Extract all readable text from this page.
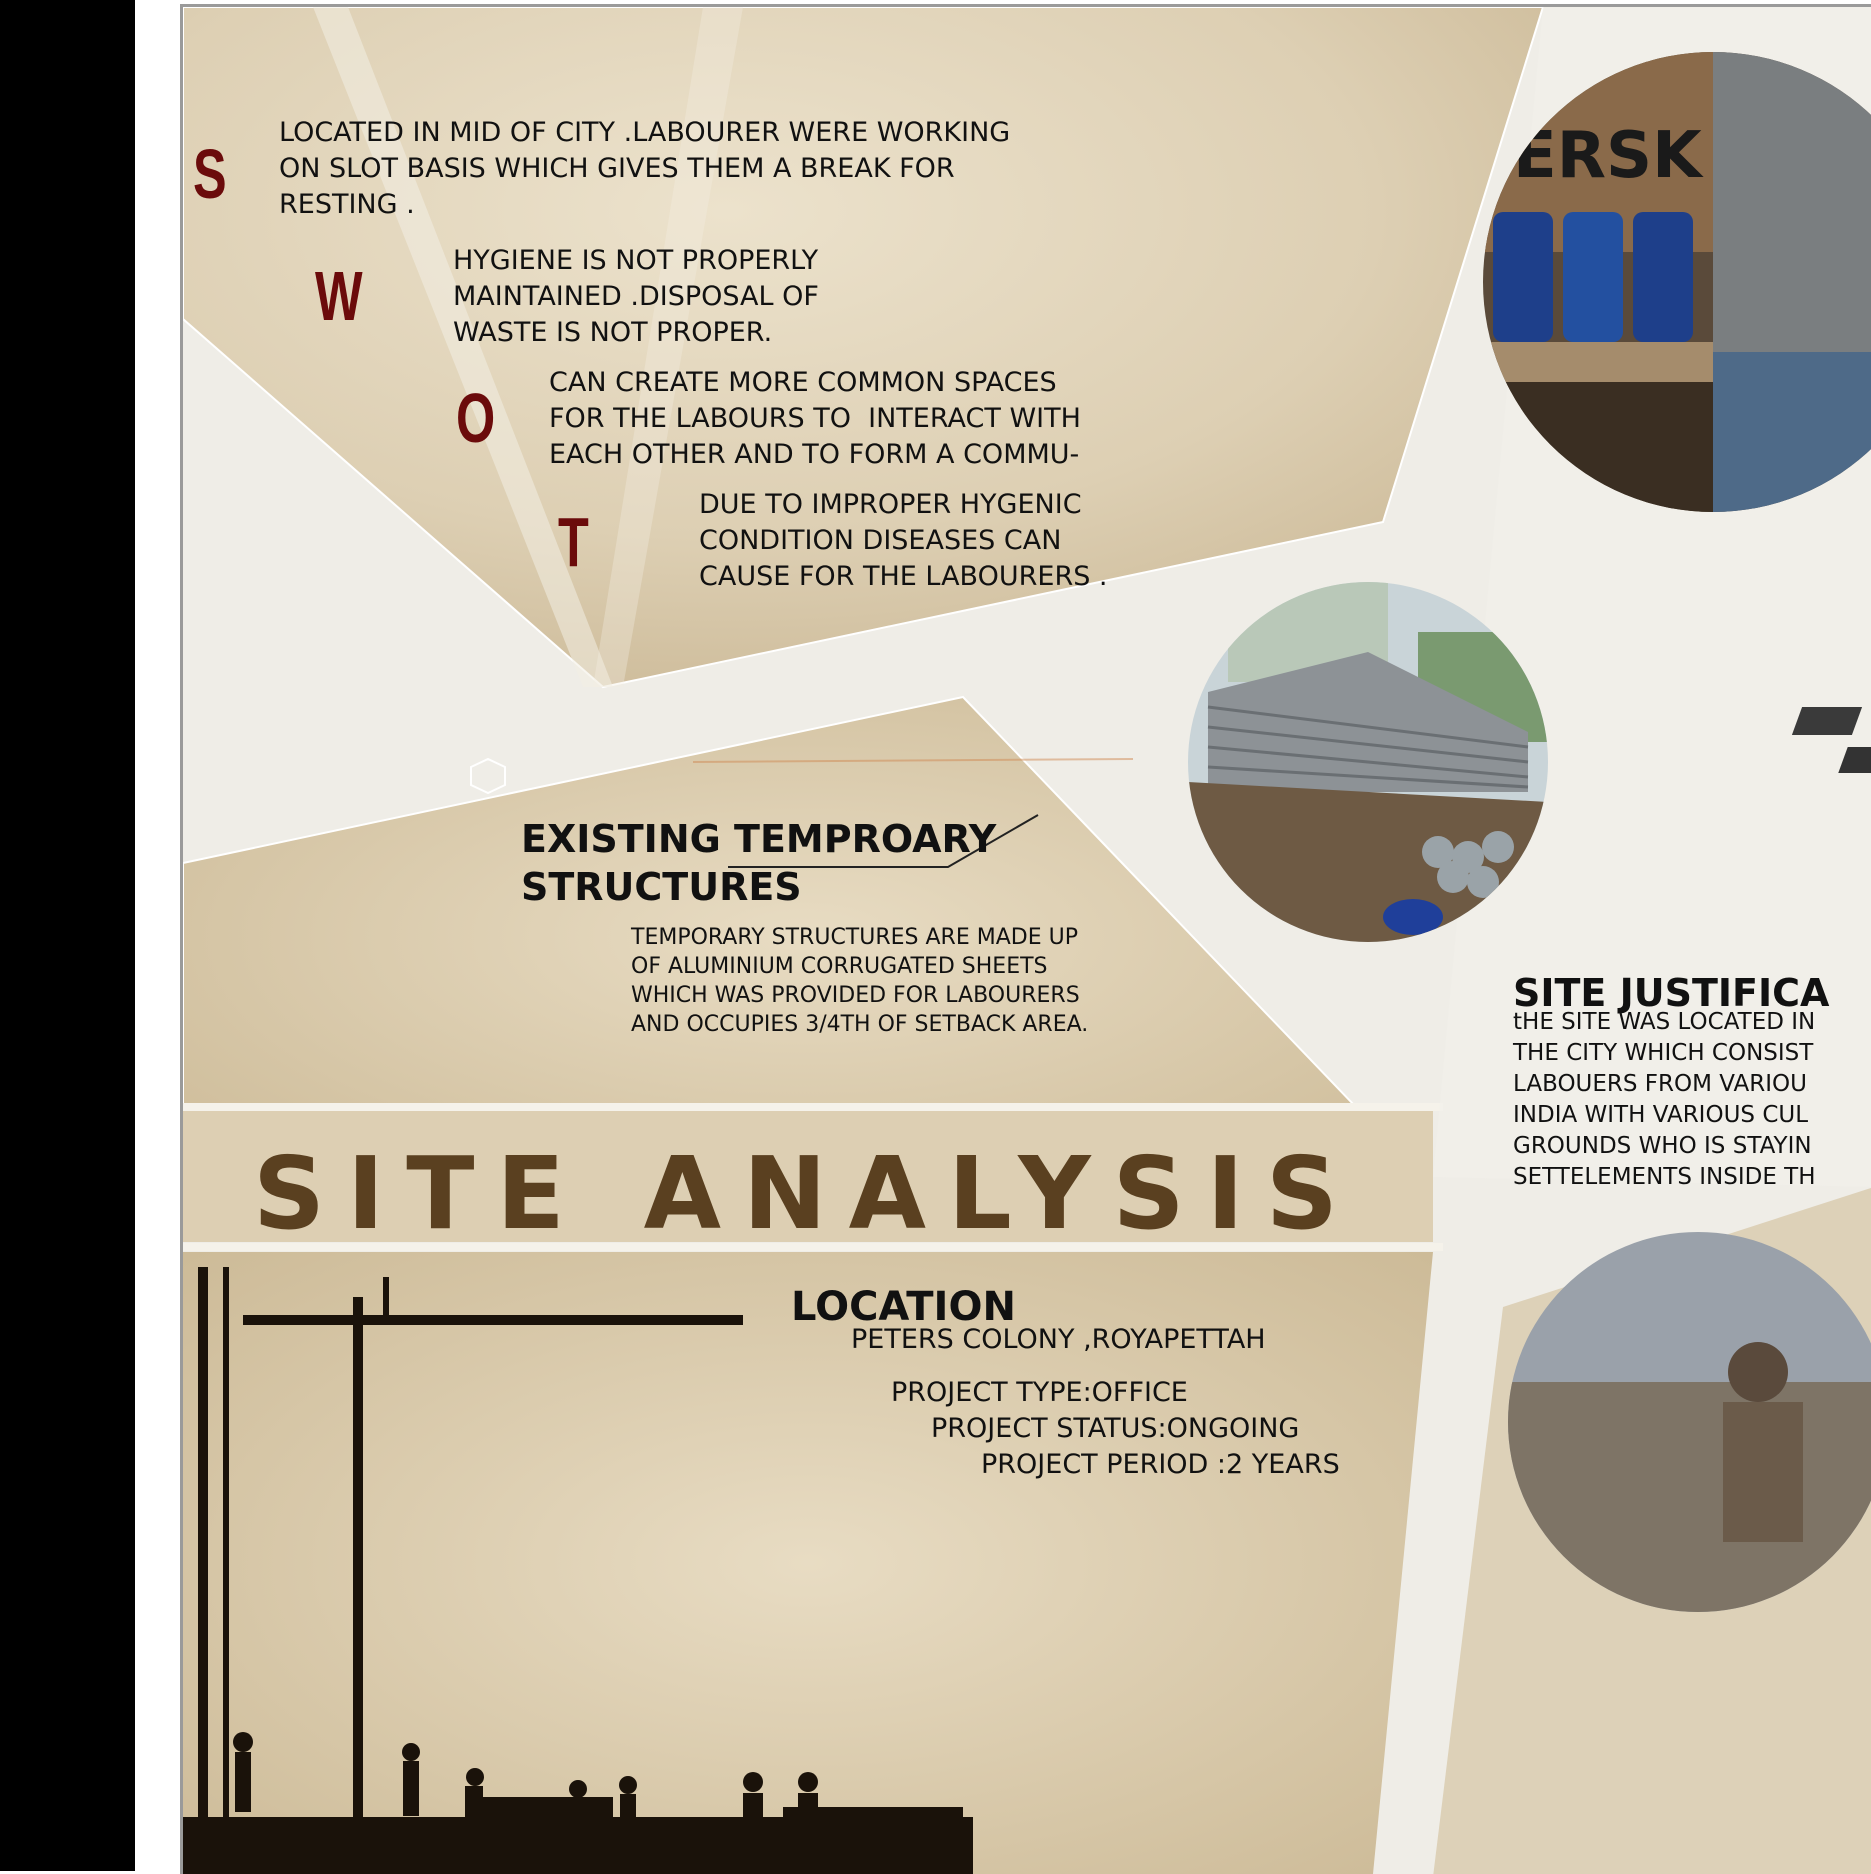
S
LOCATED IN MID OF CITY .LABOURER WERE WORKING
ON SLOT BASIS WHICH GIVES THEM A BREAK FOR
RESTING .
W	HYGIENE IS NOT PROPERLY
MAINTAINED .DISPOSAL OF
WASTE IS NOT PROPER.
O CAN CREATE MORE COMMON SPACES
FOR THE LABOURS TO  INTERACT WITH
EACH OTHER AND TO FORM A COMMU-
T	DUE TO IMPROPER HYGENIC
CONDITION DISEASES CAN
CAUSE FOR THE LABOURERS .
EXISTING TEMPROARY
STRUCTURES
TEMPORARY STRUCTURES ARE MADE UP
OF ALUMINIUM CORRUGATED SHEETS
WHICH WAS PROVIDED FOR LABOURERS
AND OCCUPIES 3/4TH OF SETBACK AREA.
SITE JUSTIFICA
tHE SITE WAS LOCATED IN
THE CITY WHICH CONSIST
LABOUERS FROM VARIOU
INDIA WITH VARIOUS CUL
GROUNDS WHO IS STAYIN
SETTELEMENTS INSIDE TH
SITE ANALYSIS
LOCATION
PETERS COLONY ,ROYAPETTAH
PROJECT TYPE:OFFICE
PROJECT STATUS:ONGOING
PROJECT PERIOD :2 YEARS
ERSK
